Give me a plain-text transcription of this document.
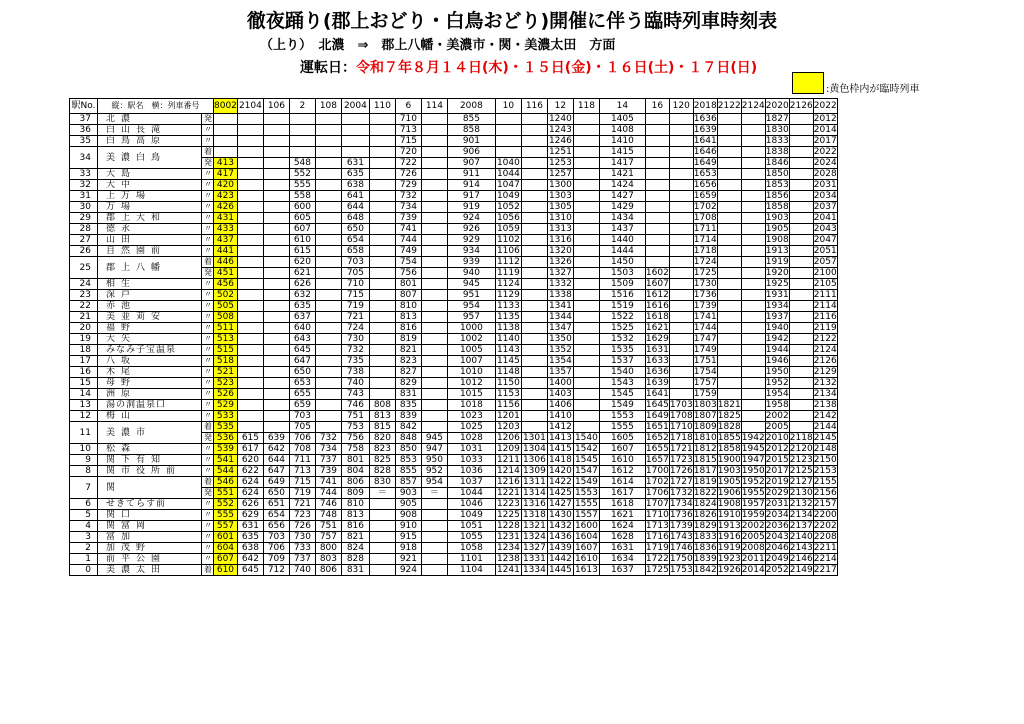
徹夜踊り(郡上おどり・白鳥おどり)開催に伴う臨時列車時刻表
（上り）　北濃　⇒　郡上八幡・美濃市・関・美濃太田　方面
運転日：令和７年８月１４日(木)・１５日(金)・１６日(土)・１７日(日)
:黄色枠内が臨時列車
駅No.	縦：駅名　横：列車番号		8002	2104	106	2	108	2004	110	6	114	2008	10	116	12	118	14	16	120	2018	2122	2124	2020	2126	2022
37	北濃	発								710		855			1240		1405			1636			1827		2012
36	白山長滝	〃								713		858			1243		1408			1639			1830		2014
35	白鳥高原	〃								715		901			1246		1410			1641			1833		2017
34	美濃白鳥	着								720		906			1251		1415			1646			1838		2022
		発	413			548		631		722		907	1040		1253		1417			1649			1846		2024
33	大島	〃	417			552		635		726		911	1044		1257		1421			1653			1850		2028
32	大中	〃	420			555		638		729		914	1047		1300		1424			1656			1853		2031
31	上万場	〃	423			558		641		732		917	1049		1303		1427			1659			1856		2034
30	万場	〃	426			600		644		734		919	1052		1305		1429			1702			1858		2037
29	郡上大和	〃	431			605		648		739		924	1056		1310		1434			1708			1903		2041
28	徳永	〃	433			607		650		741		926	1059		1313		1437			1711			1905		2043
27	山田	〃	437			610		654		744		929	1102		1316		1440			1714			1908		2047
26	自然園前	〃	441			615		658		749		934	1106		1320		1444			1718			1913		2051
25	郡上八幡	着	446			620		703		754		939	1112		1326		1450			1724			1919		2057
		発	451			621		705		756		940	1119		1327		1503	1602		1725			1920		2100
24	相生	〃	456			626		710		801		945	1124		1332		1509	1607		1730			1925		2105
23	深戸	〃	502			632		715		807		951	1129		1338		1516	1612		1736			1931		2111
22	赤池	〃	505			635		719		810		954	1133		1341		1519	1616		1739			1934		2114
21	美並苅安	〃	508			637		721		813		957	1135		1344		1522	1618		1741			1937		2116
20	福野	〃	511			640		724		816		1000	1138		1347		1525	1621		1744			1940		2119
19	大矢	〃	513			643		730		819		1002	1140		1350		1532	1629		1747			1942		2122
18	みなみ子宝温泉	〃	515			645		732		821		1005	1143		1352		1535	1631		1749			1944		2124
17	八坂	〃	518			647		735		823		1007	1145		1354		1537	1633		1751			1946		2126
16	木尾	〃	521			650		738		827		1010	1148		1357		1540	1636		1754			1950		2129
15	母野	〃	523			653		740		829		1012	1150		1400		1543	1639		1757			1952		2132
14	洲原	〃	526			655		743		831		1015	1153		1403		1545	1641		1759			1954		2134
13	湯の洞温泉口	〃	529			659		746	808	835		1018	1156		1406		1549	1645	1703	1803	1821		1958		2138
12	梅山	〃	533			703		751	813	839		1023	1201		1410		1553	1649	1708	1807	1825		2002		2142
11	美濃市	着	535			705		753	815	842		1025	1203		1412		1555	1651	1710	1809	1828		2005		2144
		発	536	615	639	706	732	756	820	848	945	1028	1206	1301	1413	1540	1605	1652	1718	1810	1855	1942	2010	2118	2145
10	松森	〃	539	617	642	708	734	758	823	850	947	1031	1209	1304	1415	1542	1607	1655	1721	1812	1858	1945	2012	2120	2148
9	関下有知	〃	541	620	644	711	737	801	825	853	950	1033	1211	1306	1418	1545	1610	1657	1723	1815	1900	1947	2015	2123	2150
8	関市役所前	〃	544	622	647	713	739	804	828	855	952	1036	1214	1309	1420	1547	1612	1700	1726	1817	1903	1950	2017	2125	2153
7	関	着	546	624	649	715	741	806	830	857	954	1037	1216	1311	1422	1549	1614	1702	1727	1819	1905	1952	2019	2127	2155
		発	551	624	650	719	744	809	＝	903	＝	1044	1221	1314	1425	1553	1617	1706	1732	1822	1906	1955	2029	2130	2156
6	せきてらす前	〃	552	626	651	721	746	810		905		1046	1223	1316	1427	1555	1618	1707	1734	1824	1908	1957	2031	2132	2157
5	関口	〃	555	629	654	723	748	813		908		1049	1225	1318	1430	1557	1621	1710	1736	1826	1910	1959	2034	2134	2200
4	関富岡	〃	557	631	656	726	751	816		910		1051	1228	1321	1432	1600	1624	1713	1739	1829	1913	2002	2036	2137	2202
3	富加	〃	601	635	703	730	757	821		915		1055	1231	1324	1436	1604	1628	1716	1743	1833	1916	2005	2043	2140	2208
2	加茂野	〃	604	638	706	733	800	824		918		1058	1234	1327	1439	1607	1631	1719	1746	1836	1919	2008	2046	2143	2211
1	前平公園	〃	607	642	709	737	803	828		921		1101	1238	1331	1442	1610	1634	1722	1750	1839	1923	2011	2049	2146	2214
0	美濃太田	着	610	645	712	740	806	831		924		1104	1241	1334	1445	1613	1637	1725	1753	1842	1926	2014	2052	2149	2217
